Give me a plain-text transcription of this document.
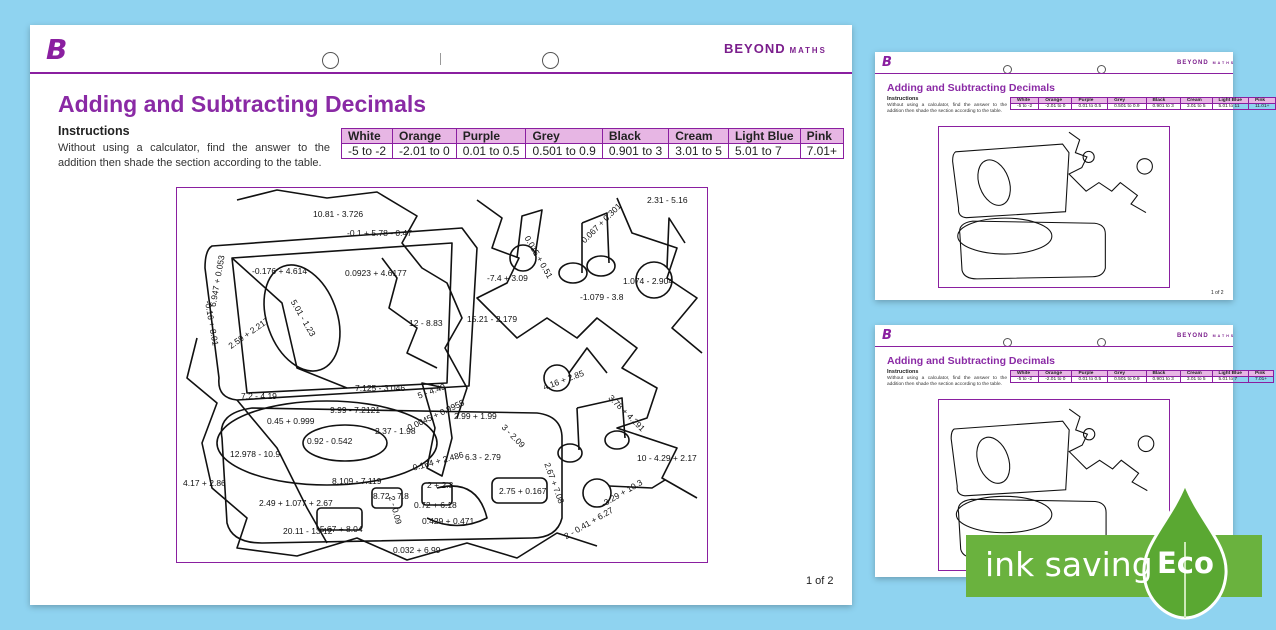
B	BEYOND MATHS
Adding and Subtracting Decimals
Instructions
Without using a calculator, find the answer to the addition then shade the section according to the table.
White	Orange	Purple	Grey	Black	Cream	Light Blue	Pink
-5 to -2	-2.01 to 0	0.01 to 0.5	0.501 to 0.9	0.901 to 3	3.01 to 5	5.01 to 7	7.01+
10.81 - 3.726
-0.1 + 5.78 - 0.47
-0.176 + 4.614	0.0923 + 4.6177
5.01 - 1.23
6.947 + 0.053
-0.16 + 8.01 2.59 + 2.217	12 - 8.83
7.2 - 4.19
7.125 - 3.046
0.45 + 0.999
9.99 - 7.2121	0.0045 + 0.9955
0.92 - 0.542
2.37 - 1.98
12.978 - 10.9
4.17 + 2.86
2.49 + 1.077 + 2.67
8.109 - 7.119
20.11 - 13.12
-5.67 + 8.04
2 - 0.09
8.72 - 7.8
2 + 2.3
0.72 + 6.18
0.429 + 0.471
0.032 + 6.99
2.99 + 1.99
3 - 2.09
0.164 + 2.486 6.3 - 2.79
2.75 + 0.167
2.67 + 7.08
15.21 - 2.179
-7.4 + 3.09
0.015 + 0.51
0.067 + 0.301
1.074 - 2.904
-1.079 - 3.8
2.31 - 5.16
4.16 + 2.85
3.78 + 4.291
10 - 4.29 + 2.17
-3.29 + 10.3
2 - 0.41 + 6.27
5 - 4.49
1 of 2
B	BEYOND MATHS
Adding and Subtracting Decimals
Instructions
Without using a calculator, find the answer to the addition then shade the section according to the table.
White	Orange	Purple	Grey	Black	Cream	Light Blue	Pink
-5 to -2	-2.01 to 0	0.01 to 0.5	0.501 to 0.9	0.901 to 3	3.01 to 5	5.01 to 11	11.01+
1 of 2
B	BEYOND MATHS
Adding and Subtracting Decimals
Instructions
Without using a calculator, find the answer to the addition then shade the section according to the table.
White	Orange	Purple	Grey	Black	Cream	Light Blue	Pink
-5 to -2	-2.01 to 0	0.01 to 0.5	0.501 to 0.9	0.901 to 3	3.01 to 5	5.01 to 7	7.01+
ink saving Eco
